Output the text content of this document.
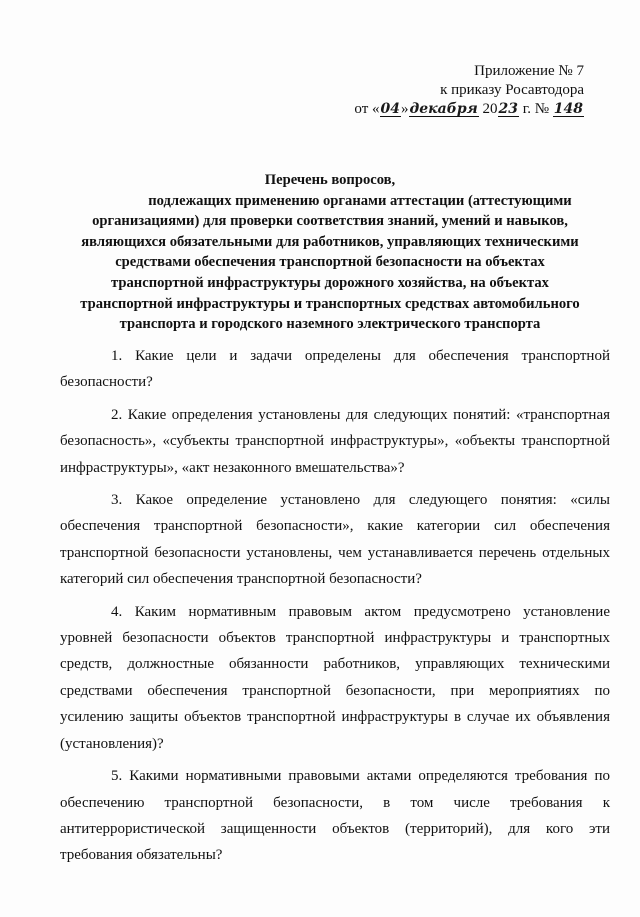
Приложение № 7
к приказу Росавтодора
от «04»декабря 2023 г. № 148
Перечень вопросов,
подлежащих применению органами аттестации (аттестующими
организациями) для проверки соответствия знаний, умений и навыков,
являющихся обязательными для работников, управляющих техническими
средствами обеспечения транспортной безопасности на объектах
транспортной инфраструктуры дорожного хозяйства, на объектах
транспортной инфраструктуры и транспортных средствах автомобильного
транспорта и городского наземного электрического транспорта

1. Какие цели и задачи определены для обеспечения транспортной безопасности?

2. Какие определения установлены для следующих понятий: «транспортная безопасность», «субъекты транспортной инфраструктуры», «объекты транспортной инфраструктуры», «акт незаконного вмешательства»?

3. Какое определение установлено для следующего понятия: «силы обеспечения транспортной безопасности», какие категории сил обеспечения транспортной безопасности установлены, чем устанавливается перечень отдельных категорий сил обеспечения транспортной безопасности?

4. Каким нормативным правовым актом предусмотрено установление уровней безопасности объектов транспортной инфраструктуры и транспортных средств, должностные обязанности работников, управляющих техническими средствами обеспечения транспортной безопасности, при мероприятиях по усилению защиты объектов транспортной инфраструктуры в случае их объявления (установления)?

5. Какими нормативными правовыми актами определяются требования по обеспечению транспортной безопасности, в том числе требования к антитеррористической защищенности объектов (территорий), для кого эти требования обязательны?
